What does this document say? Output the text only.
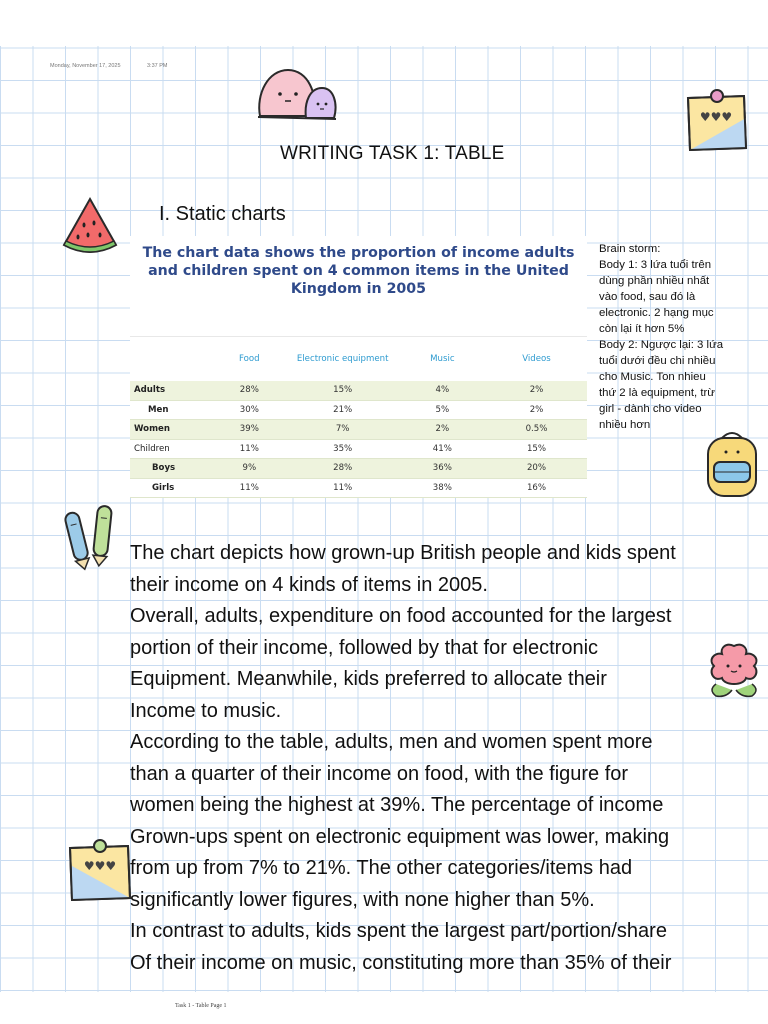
Monday, November 17, 2025	3:37 PM
♥♥♥
♥♥♥
WRITING TASK 1: TABLE
I. Static charts
The chart data shows the proportion of income adults
and children spent on 4 common items in the United
Kingdom in 2005
	Food	Electronic equipment	Music	Videos
Adults	28%	15%	4%	2%
Men	30%	21%	5%	2%
Women	39%	7%	2%	0.5%
Children	11%	35%	41%	15%
Boys	9%	28%	36%	20%
Girls	11%	11%	38%	16%
Brain storm:
Body 1: 3 lứa tuổi trên
dùng phần nhiều nhất
vào food, sau đó là
electronic. 2 hạng mục
còn lại ít hơn 5%
Body 2: Ngược lại: 3 lứa
tuổi dưới đều chi nhiều
cho Music. Ton nhieu
thứ 2 là equipment, trừ
girl - dành cho video
nhiều hơn
The chart depicts how grown-up British people and kids spent
their income on 4 kinds of items in 2005.
Overall, adults, expenditure on food accounted for the largest
portion of their income, followed by that for electronic
Equipment. Meanwhile, kids preferred to allocate their
Income to music.
According to the table, adults, men and women spent more
than a quarter of their income on food, with the figure for
women being the highest at 39%. The percentage of income
Grown-ups spent on electronic equipment was lower, making
from up from 7% to 21%. The other categories/items had
significantly lower figures, with none higher than 5%.
In contrast to adults, kids spent the largest part/portion/share
Of their income on music, constituting more than 35% of their
Task 1 - Table Page 1
